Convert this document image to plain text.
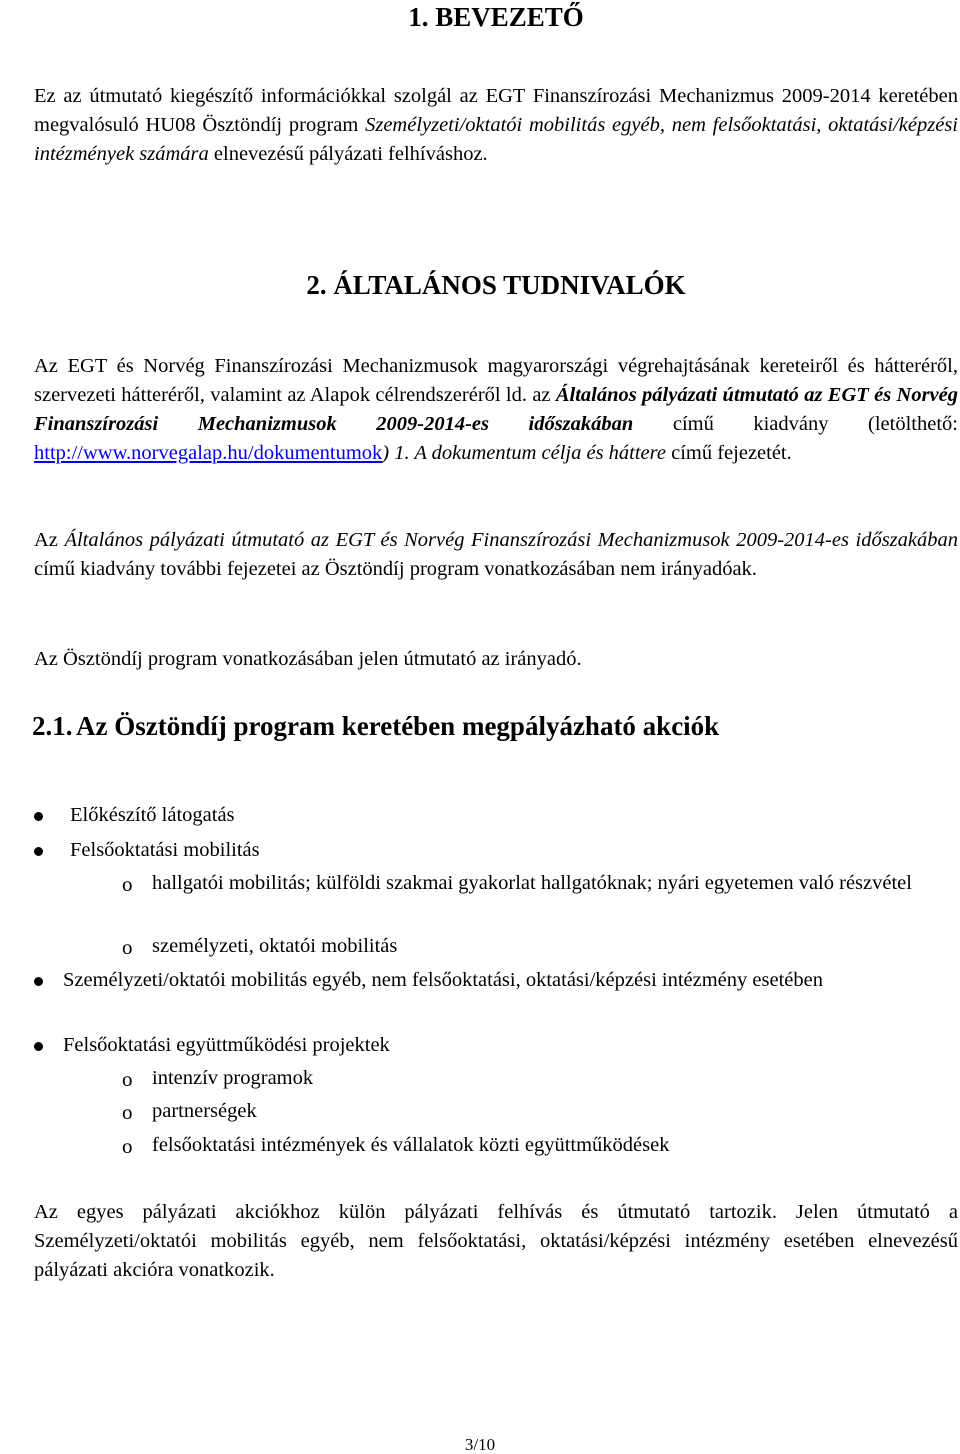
1. BEVEZETŐ

Ez az útmutató kiegészítő információkkal szolgál az EGT Finanszírozási Mechanizmus 2009-2014 keretében megvalósuló HU08 Ösztöndíj program Személyzeti/oktatói mobilitás egyéb, nem felsőoktatási, oktatási/képzési intézmények számára elnevezésű pályázati felhíváshoz.

2. ÁLTALÁNOS TUDNIVALÓK

Az EGT és Norvég Finanszírozási Mechanizmusok magyarországi végrehajtásának kereteiről és hátteréről, szervezeti hátteréről, valamint az Alapok célrendszeréről ld. az Általános pályázati útmutató az EGT és Norvég Finanszírozási Mechanizmusok 2009-2014-es időszakában című kiadvány (letölthető: http://www.norvegalap.hu/dokumentumok) 1. A dokumentum célja és háttere című fejezetét.

Az Általános pályázati útmutató az EGT és Norvég Finanszírozási Mechanizmusok 2009-2014-es időszakában című kiadvány további fejezetei az Ösztöndíj program vonatkozásában nem irányadóak.

Az Ösztöndíj program vonatkozásában jelen útmutató az irányadó.

2.1. Az Ösztöndíj program keretében megpályázható akciók
Előkészítő látogatás
Felsőoktatási mobilitás
o hallgatói mobilitás; külföldi szakmai gyakorlat hallgatóknak; nyári egyetemen való részvétel

o személyzeti, oktatói mobilitás

Személyzeti/oktatói mobilitás egyéb, nem felsőoktatási, oktatási/képzési intézmény esetében

Felsőoktatási együttműködési projektek
o intenzív programok
o partnerségek
o felsőoktatási intézmények és vállalatok közti együttműködések

Az egyes pályázati akciókhoz külön pályázati felhívás és útmutató tartozik. Jelen útmutató a Személyzeti/oktatói mobilitás egyéb, nem felsőoktatási, oktatási/képzési intézmény esetében elnevezésű pályázati akcióra vonatkozik.

3/10
